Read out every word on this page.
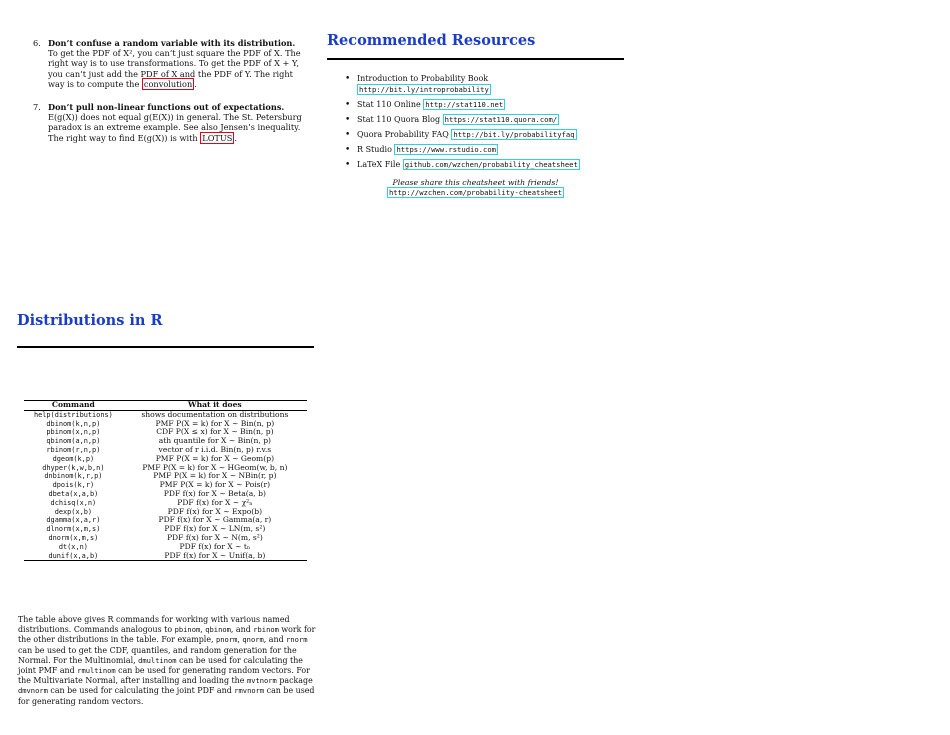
6. Don’t confuse a random variable with its distribution.
To get the PDF of X², you can’t just square the PDF of X. The right way is to use transformations. To get the PDF of X + Y, you can’t just add the PDF of X and the PDF of Y. The right way is to compute the convolution .
7. Don’t pull non-linear functions out of expectations.
E(g(X)) does not equal g(E(X)) in general. The St. Petersburg paradox is an extreme example. See also Jensen’s inequality. The right way to find E(g(X)) is with LOTUS .
Recommended Resources
• Introduction to Probability Book
http://bit.ly/introprobability
• Stat 110 Online http://stat110.net
• Stat 110 Quora Blog https://stat110.quora.com/
• Quora Probability FAQ http://bit.ly/probabilityfaq
• R Studio https://www.rstudio.com
• LaTeX File github.com/wzchen/probability_cheatsheet
Please share this cheatsheet with friends!
http://wzchen.com/probability-cheatsheet
Distributions in R
Command	What it does
help(distributions)	shows documentation on distributions
dbinom(k,n,p)	PMF P(X = k) for X ∼ Bin(n, p)
pbinom(x,n,p)	CDF P(X ≤ x) for X ∼ Bin(n, p)
qbinom(a,n,p)	ath quantile for X ∼ Bin(n, p)
rbinom(r,n,p)	vector of r i.i.d. Bin(n, p) r.v.s
dgeom(k,p)	PMF P(X = k) for X ∼ Geom(p)
dhyper(k,w,b,n)	PMF P(X = k) for X ∼ HGeom(w, b, n)
dnbinom(k,r,p)	PMF P(X = k) for X ∼ NBin(r, p)
dpois(k,r)	PMF P(X = k) for X ∼ Pois(r)
dbeta(x,a,b)	PDF f(x) for X ∼ Beta(a, b)
dchisq(x,n)	PDF f(x) for X ∼ χ²ₙ
dexp(x,b)	PDF f(x) for X ∼ Expo(b)
dgamma(x,a,r)	PDF f(x) for X ∼ Gamma(a, r)
dlnorm(x,m,s)	PDF f(x) for X ∼ LN(m, s²)
dnorm(x,m,s)	PDF f(x) for X ∼ N(m, s²)
dt(x,n)	PDF f(x) for X ∼ tₙ
dunif(x,a,b)	PDF f(x) for X ∼ Unif(a, b)

The table above gives R commands for working with various named distributions. Commands analogous to pbinom, qbinom, and rbinom work for the other distributions in the table. For example, pnorm, qnorm, and rnorm can be used to get the CDF, quantiles, and random generation for the Normal. For the Multinomial, dmultinom can be used for calculating the joint PMF and rmultinom can be used for generating random vectors. For the Multivariate Normal, after installing and loading the mvtnorm package dmvnorm can be used for calculating the joint PDF and rmvnorm can be used for generating random vectors.
